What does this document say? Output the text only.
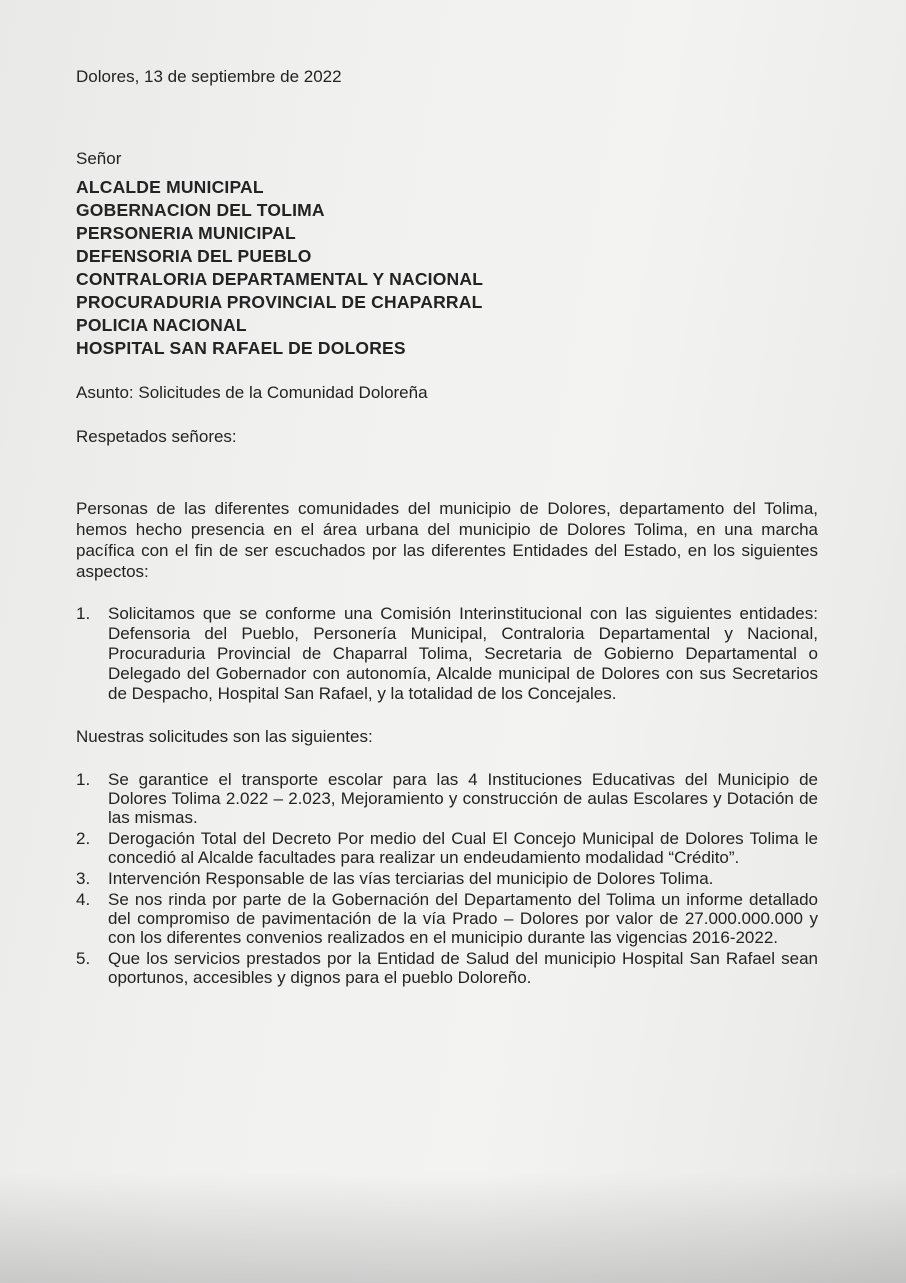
Dolores, 13 de septiembre de 2022

Señor

ALCALDE MUNICIPAL
GOBERNACION DEL TOLIMA
PERSONERIA MUNICIPAL
DEFENSORIA DEL PUEBLO
CONTRALORIA DEPARTAMENTAL Y NACIONAL
PROCURADURIA PROVINCIAL DE CHAPARRAL
POLICIA NACIONAL
HOSPITAL SAN RAFAEL DE DOLORES

Asunto: Solicitudes de la Comunidad Doloreña

Respetados señores:

Personas de las diferentes comunidades del municipio de Dolores, departamento del Tolima, hemos hecho presencia en el área urbana del municipio de Dolores Tolima, en una marcha pacífica con el fin de ser escuchados por las diferentes Entidades del Estado, en los siguientes aspectos:

1.	Solicitamos que se conforme una Comisión Interinstitucional con las siguientes entidades: Defensoria del Pueblo, Personería Municipal, Contraloria Departamental y Nacional, Procuraduria Provincial de Chaparral Tolima, Secretaria de Gobierno Departamental o Delegado del Gobernador con autonomía, Alcalde municipal de Dolores con sus Secretarios de Despacho, Hospital San Rafael, y la totalidad de los Concejales.

Nuestras solicitudes son las siguientes:

1.	Se garantice el transporte escolar para las 4 Instituciones Educativas del Municipio de Dolores Tolima 2.022 – 2.023, Mejoramiento y construcción de aulas Escolares y Dotación de las mismas.
2.	Derogación Total del Decreto Por medio del Cual El Concejo Municipal de Dolores Tolima le concedió al Alcalde facultades para realizar un endeudamiento modalidad “Crédito”.
3.	Intervención Responsable de las vías terciarias del municipio de Dolores Tolima.
4.	Se nos rinda por parte de la Gobernación del Departamento del Tolima un informe detallado del compromiso de pavimentación de la vía Prado – Dolores por valor de 27.000.000.000 y con los diferentes convenios realizados en el municipio durante las vigencias 2016-2022.
5.	Que los servicios prestados por la Entidad de Salud del municipio Hospital San Rafael sean oportunos, accesibles y dignos para el pueblo Doloreño.
